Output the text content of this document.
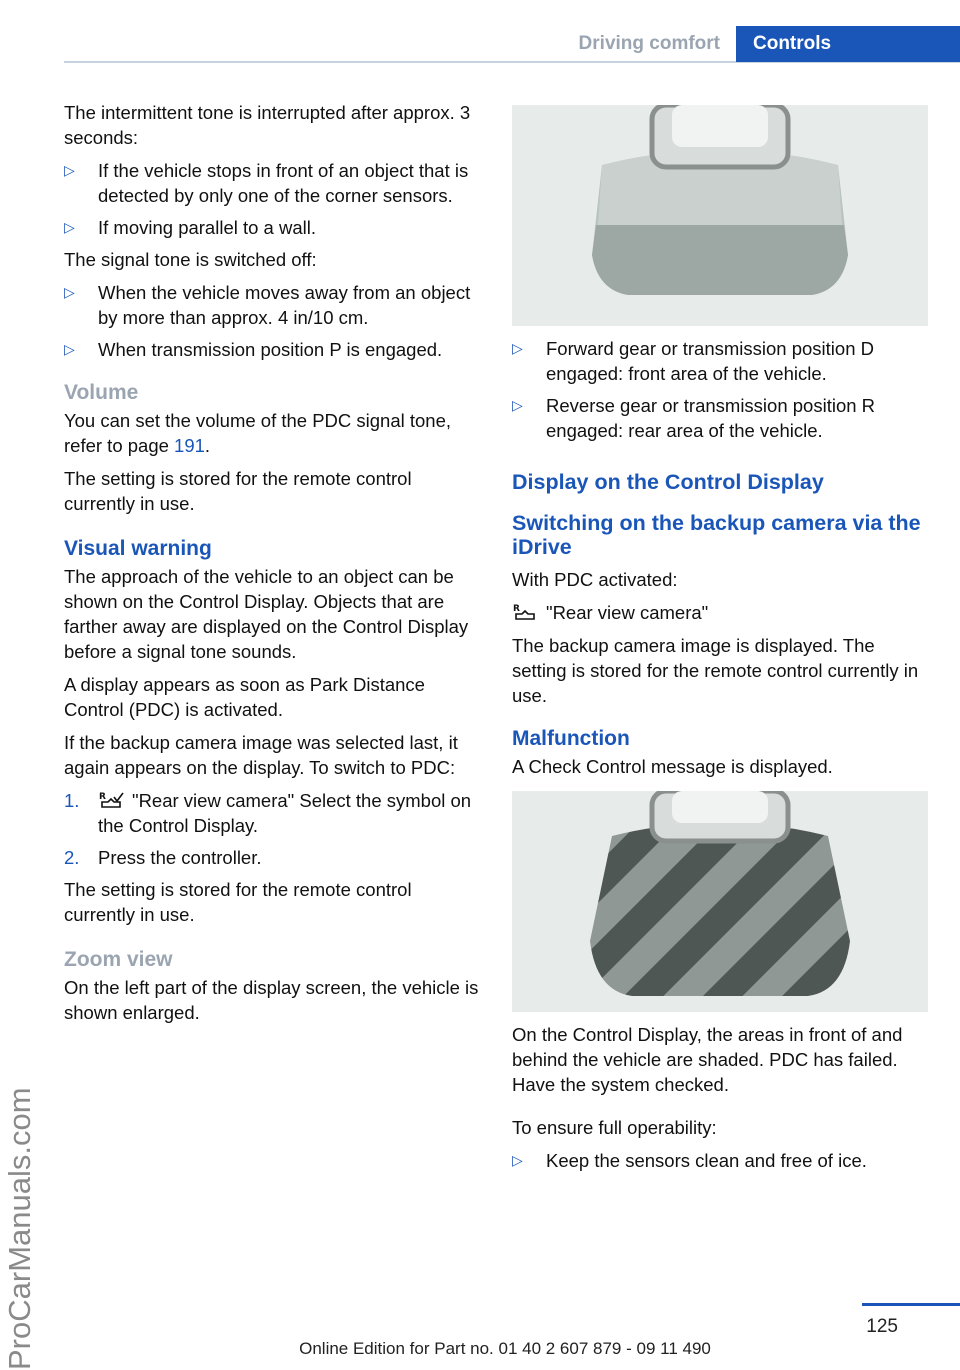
Driving comfort	Controls
ProCarManuals.com

The intermittent tone is interrupted after approx. 3 seconds:

▷ If the vehicle stops in front of an object that is detected by only one of the corner sensors.
▷ If moving parallel to a wall.

The signal tone is switched off:

▷ When the vehicle moves away from an object by more than approx. 4 in/10 cm.
▷ When transmission position P is engaged.
Volume

You can set the volume of the PDC signal tone, refer to page 191.

The setting is stored for the remote control currently in use.

Visual warning

The approach of the vehicle to an object can be shown on the Control Display. Objects that are farther away are displayed on the Control Display before a signal tone sounds.

A display appears as soon as Park Distance Control (PDC) is activated.

If the backup camera image was selected last, it again appears on the display. To switch to PDC:

1. R "Rear view camera" Select the symbol on the Control Display.
2. Press the controller.

The setting is stored for the remote control currently in use.

Zoom view

On the left part of the display screen, the vehicle is shown enlarged.

▷ Forward gear or transmission position D engaged: front area of the vehicle.
▷ Reverse gear or transmission position R engaged: rear area of the vehicle.
Display on the Control Display
Switching on the backup camera via the iDrive

With PDC activated:

R "Rear view camera"

The backup camera image is displayed. The setting is stored for the remote control currently in use.

Malfunction

A Check Control message is displayed.

On the Control Display, the areas in front of and behind the vehicle are shaded. PDC has failed. Have the system checked.

To ensure full operability:

▷ Keep the sensors clean and free of ice.
125
Online Edition for Part no. 01 40 2 607 879 - 09 11 490
